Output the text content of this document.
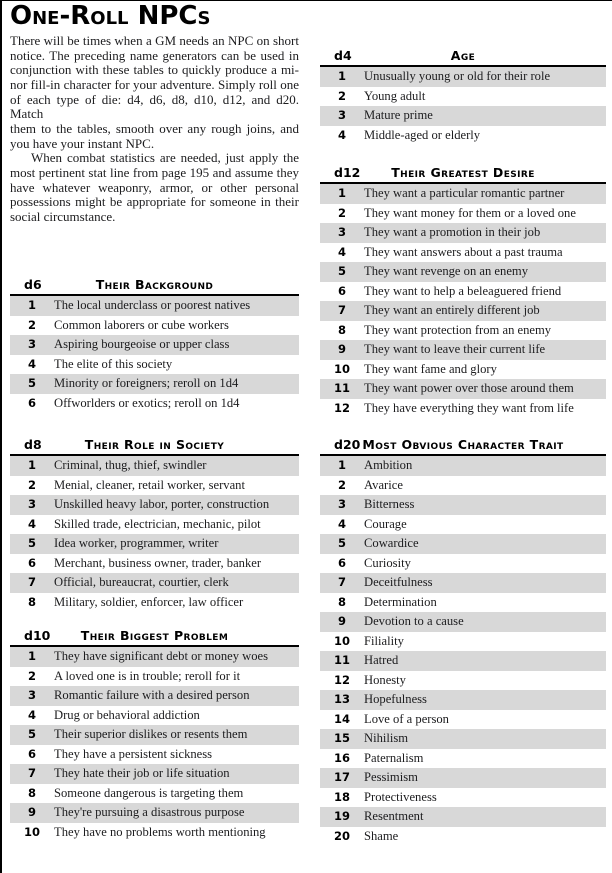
One-Roll NPCs

There will be times when a GM needs an NPC on short
notice. The preceding name generators can be used in
conjunction with these tables to quickly produce a mi-
nor fill-in character for your adventure. Simply roll one
of each type of die: d4, d6, d8, d10, d12, and d20. Match
them to the tables, smooth over any rough joins, and
you have your instant NPC.

When combat statistics are needed, just apply the
most pertinent stat line from page 195 and assume they
have whatever weaponry, armor, or other personal
possessions might be appropriate for someone in their
social circumstance.

d6	Their Background
1	The local underclass or poorest natives
2	Common laborers or cube workers
3	Aspiring bourgeoise or upper class
4	The elite of this society
5	Minority or foreigners; reroll on 1d4
6	Offworlders or exotics; reroll on 1d4
d8	Their Role in Society
1	Criminal, thug, thief, swindler
2	Menial, cleaner, retail worker, servant
3	Unskilled heavy labor, porter, construction
4	Skilled trade, electrician, mechanic, pilot
5	Idea worker, programmer, writer
6	Merchant, business owner, trader, banker
7	Official, bureaucrat, courtier, clerk
8	Military, soldier, enforcer, law officer
d10	Their Biggest Problem
1	They have significant debt or money woes
2	A loved one is in trouble; reroll for it
3	Romantic failure with a desired person
4	Drug or behavioral addiction
5	Their superior dislikes or resents them
6	They have a persistent sickness
7	They hate their job or life situation
8	Someone dangerous is targeting them
9	They're pursuing a disastrous purpose
10	They have no problems worth mentioning
d4	Age
1	Unusually young or old for their role
2	Young adult
3	Mature prime
4	Middle-aged or elderly
d12	Their Greatest Desire
1	They want a particular romantic partner
2	They want money for them or a loved one
3	They want a promotion in their job
4	They want answers about a past trauma
5	They want revenge on an enemy
6	They want to help a beleaguered friend
7	They want an entirely different job
8	They want protection from an enemy
9	They want to leave their current life
10	They want fame and glory
11	They want power over those around them
12	They have everything they want from life
d20 Most Obvious Character Trait
1	Ambition
2	Avarice
3	Bitterness
4	Courage
5	Cowardice
6	Curiosity
7	Deceitfulness
8	Determination
9	Devotion to a cause
10	Filiality
11	Hatred
12	Honesty
13	Hopefulness
14	Love of a person
15	Nihilism
16	Paternalism
17	Pessimism
18	Protectiveness
19	Resentment
20	Shame
